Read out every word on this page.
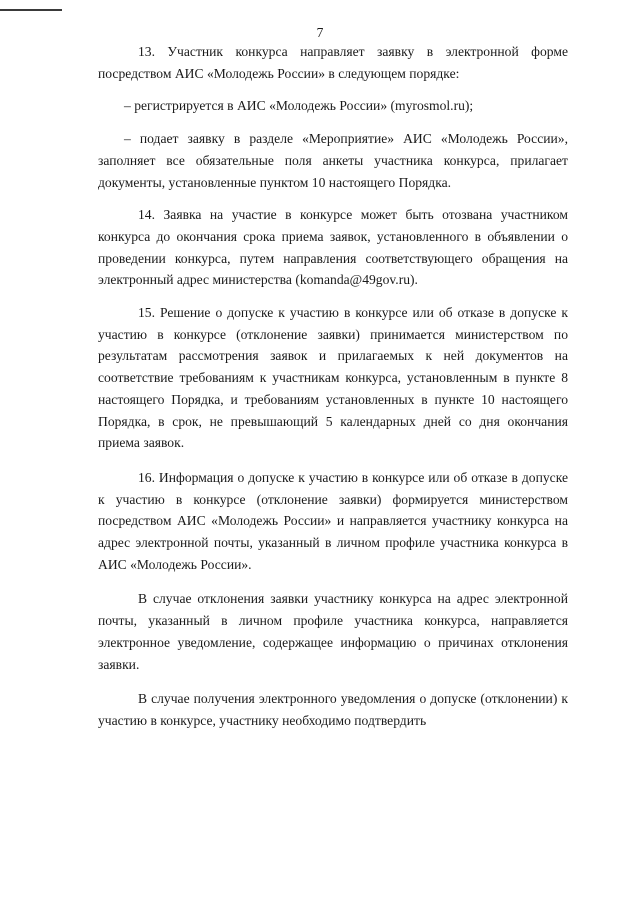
7

13. Участник конкурса направляет заявку в электронной форме посредством АИС «Молодежь России» в следующем порядке:

– регистрируется в АИС «Молодежь России» (myrosmol.ru);

– подает заявку в разделе «Мероприятие» АИС «Молодежь России», заполняет все обязательные поля анкеты участника конкурса, прилагает документы, установленные пунктом 10 настоящего Порядка.

14. Заявка на участие в конкурсе может быть отозвана участником конкурса до окончания срока приема заявок, установленного в объявлении о проведении конкурса, путем направления соответствующего обращения на электронный адрес министерства (komanda@49gov.ru).

15. Решение о допуске к участию в конкурсе или об отказе в допуске к участию в конкурсе (отклонение заявки) принимается министерством по результатам рассмотрения заявок и прилагаемых к ней документов на соответствие требованиям к участникам конкурса, установленным в пункте 8 настоящего Порядка, и требованиям установленных в пункте 10 настоящего Порядка, в срок, не превышающий 5 календарных дней со дня окончания приема заявок.

16. Информация о допуске к участию в конкурсе или об отказе в допуске к участию в конкурсе (отклонение заявки) формируется министерством посредством АИС «Молодежь России» и направляется участнику конкурса на адрес электронной почты, указанный в личном профиле участника конкурса в АИС «Молодежь России».

В случае отклонения заявки участнику конкурса на адрес электронной почты, указанный в личном профиле участника конкурса, направляется электронное уведомление, содержащее информацию о причинах отклонения заявки.

В случае получения электронного уведомления о допуске (отклонении) к участию в конкурсе, участнику необходимо подтвердить
